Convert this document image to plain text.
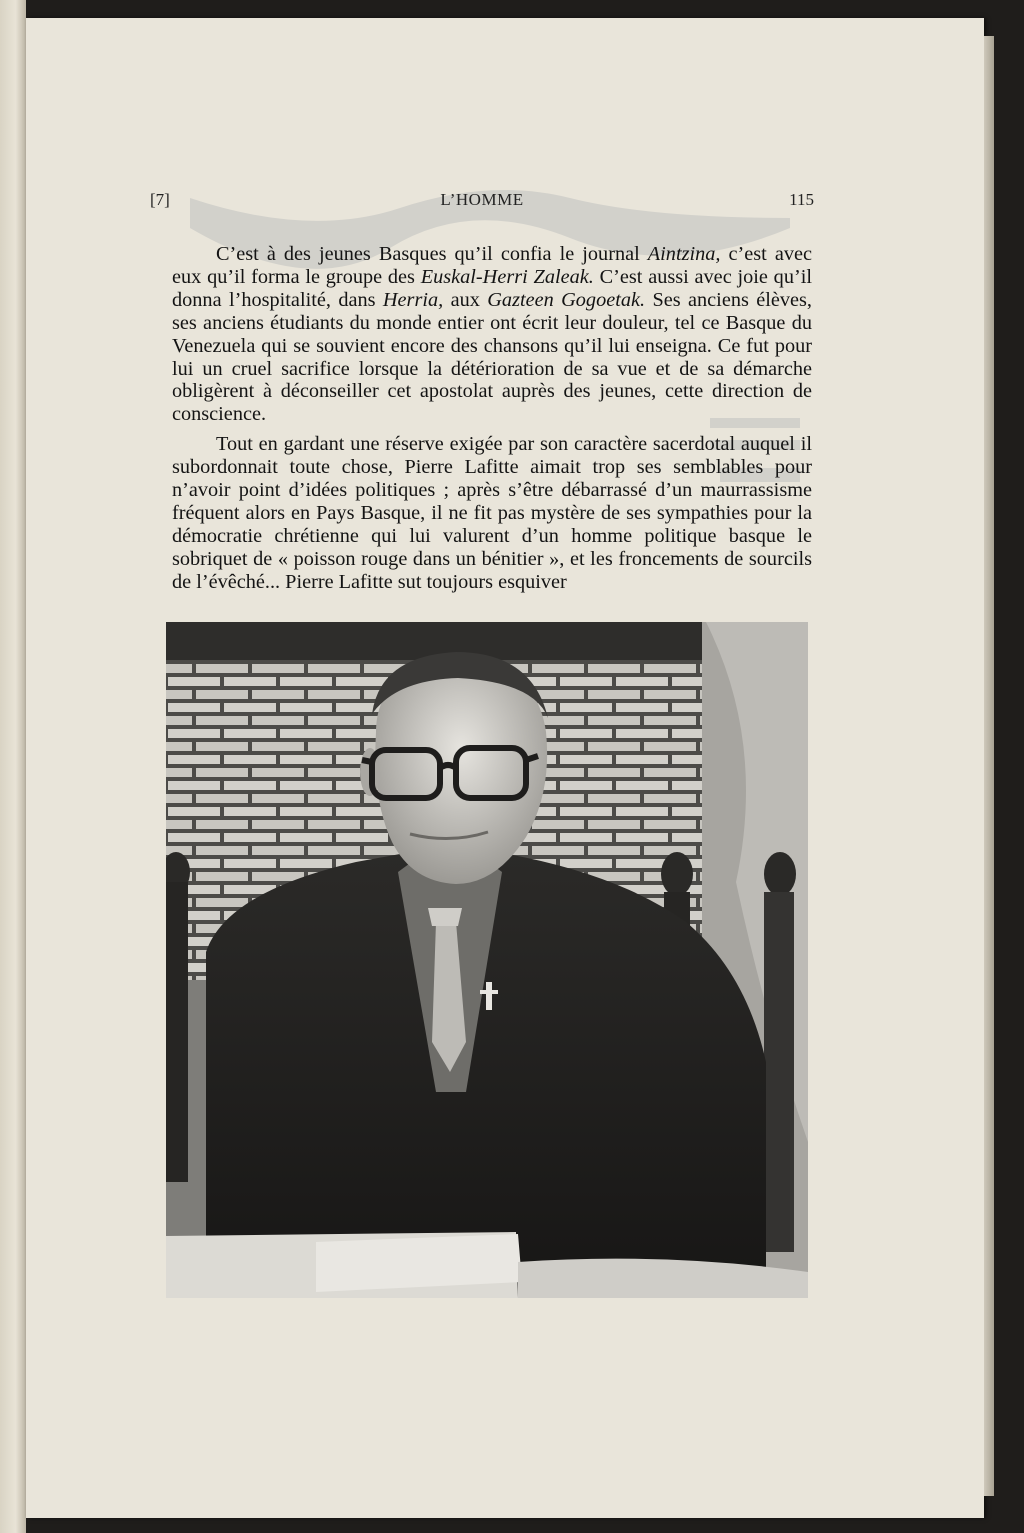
[7]	L’HOMME	115

C’est à des jeunes Basques qu’il confia le journal Aintzina, c’est avec eux qu’il forma le groupe des Euskal-Herri Zaleak. C’est aussi avec joie qu’il donna l’hospitalité, dans Herria, aux Gazteen Gogoetak. Ses anciens élèves, ses anciens étudiants du monde entier ont écrit leur douleur, tel ce Basque du Venezuela qui se souvient encore des chansons qu’il lui enseigna. Ce fut pour lui un cruel sacrifice lorsque la détérioration de sa vue et de sa démarche obligèrent à déconseiller cet apostolat auprès des jeunes, cette direction de conscience.

Tout en gardant une réserve exigée par son caractère sacerdotal auquel il subordonnait toute chose, Pierre Lafitte aimait trop ses semblables pour n’avoir point d’idées politiques ; après s’être débarrassé d’un maurrassisme fréquent alors en Pays Basque, il ne fit pas mystère de ses sympathies pour la démocratie chrétienne qui lui valurent d’un homme politique basque le sobriquet de « poisson rouge dans un bénitier », et les froncements de sourcils de l’évêché... Pierre Lafitte sut toujours esquiver
